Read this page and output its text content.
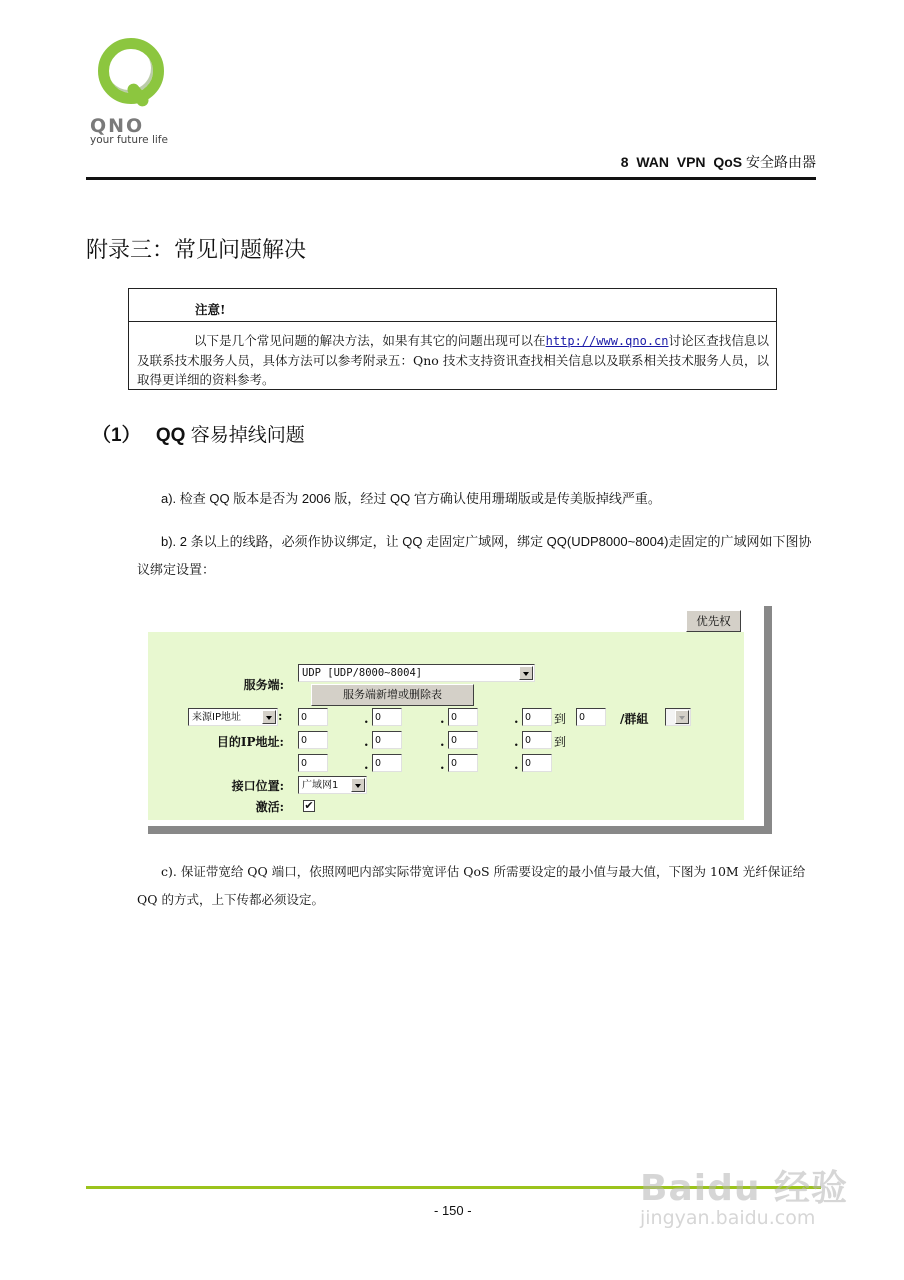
QNO
your future life
8  WAN  VPN  QoS 安全路由器
附录三：常见问题解决
注意!

以下是几个常见问题的解决方法，如果有其它的问题出现可以在http://www.qno.cn讨论区查找信息以及联系技术服务人员，具体方法可以参考附录五：Qno 技术支持资讯查找相关信息以及联系相关技术服务人员，以取得更详细的资料参考。

（1） QQ 容易掉线问题
a). 检查 QQ 版本是否为 2006 版，经过 QQ 官方确认使用珊瑚版或是传美版掉线严重。

b). 2 条以上的线路，必须作协议绑定，让 QQ 走固定广域网，绑定 QQ(UDP8000~8004)走固定的广域网如下图协议绑定设置：

优先权
服务端:
UDP [UDP/8000~8004]
服务端新增或删除表
来源IP地址	:	0	. 0	. 0	. 0	到	0	/群組
目的IP地址:	0	. 0	. 0	. 0	到
0	. 0	. 0	. 0
接口位置:	广域网1
激活: ✔

c). 保证带宽给 QQ 端口，依照网吧内部实际带宽评估 QoS 所需要设定的最小值与最大值，下图为 10M 光纤保证给 QQ 的方式，上下传都必须设定。

- 150 -
Baidu 经验
jingyan.baidu.com
